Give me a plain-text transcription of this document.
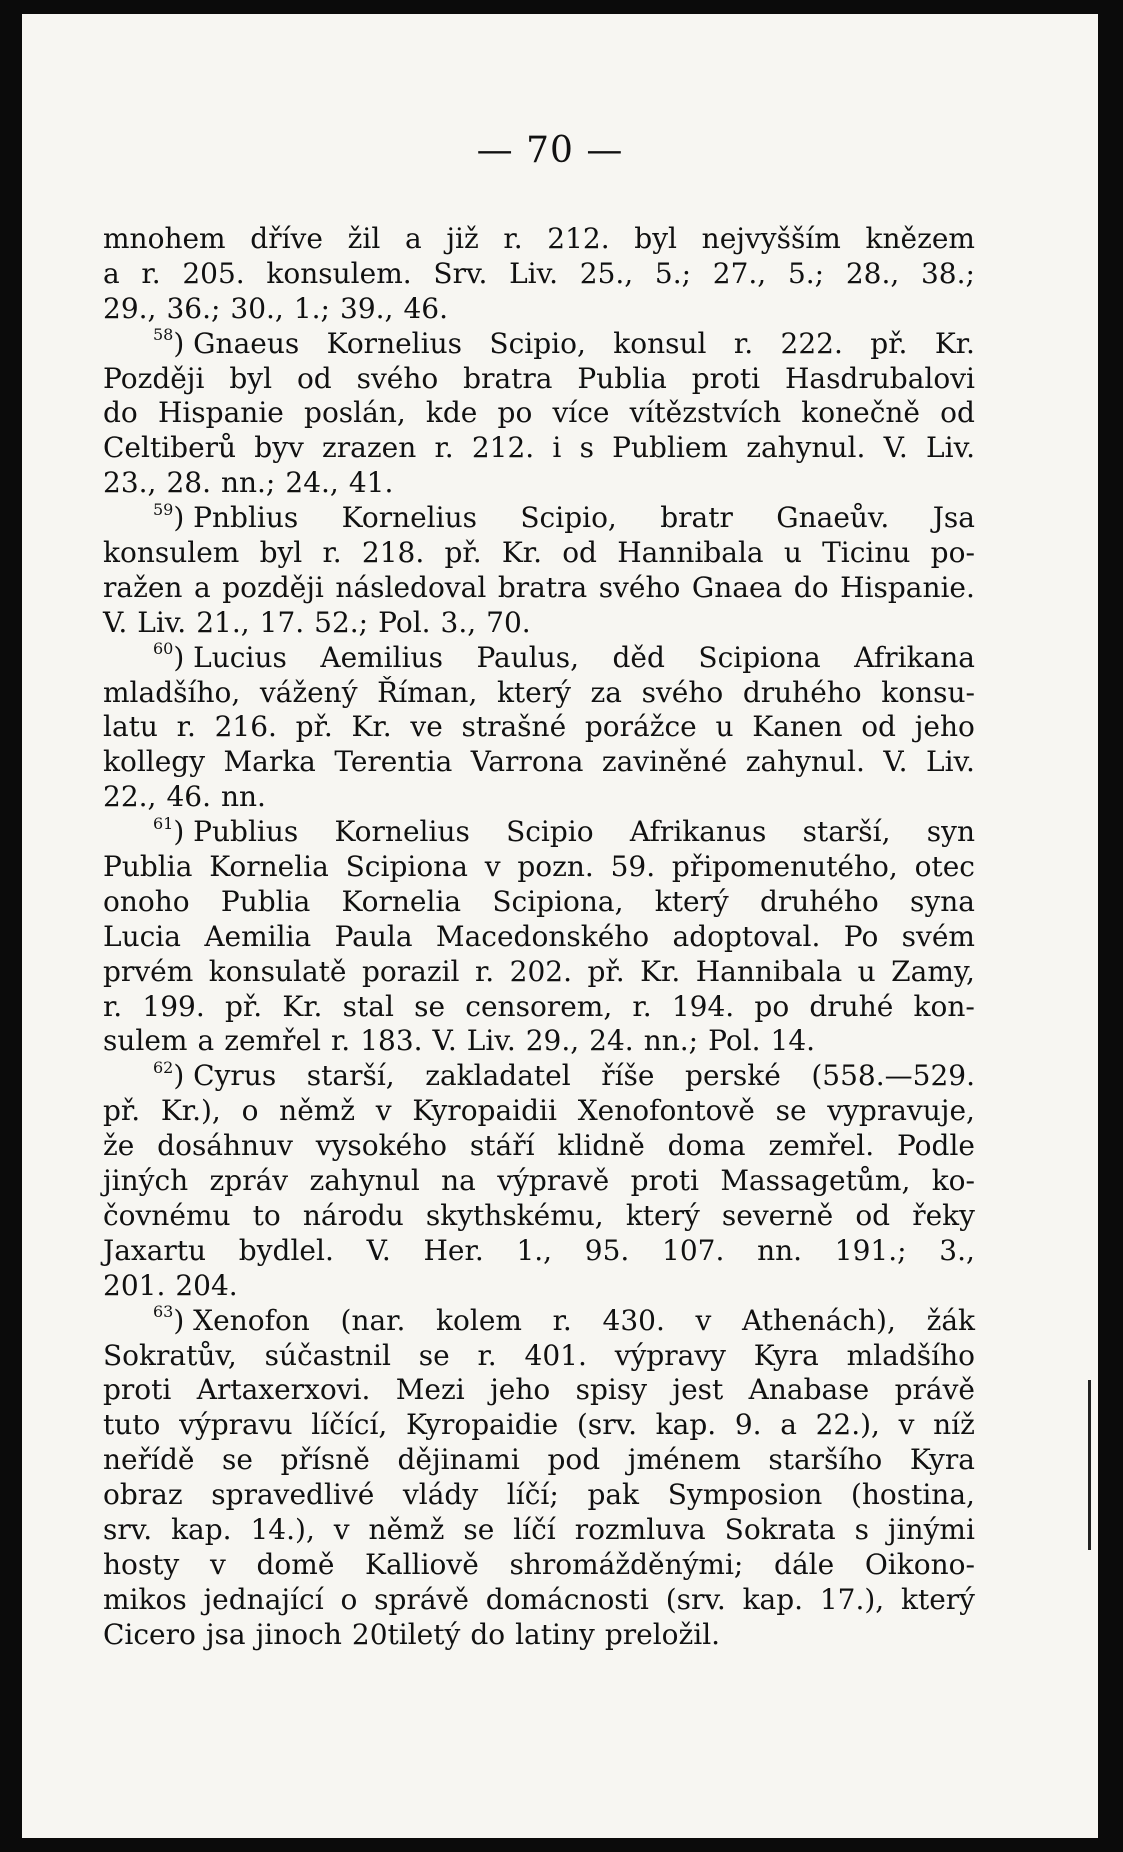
— 70 —
mnohem dříve žil a již r. 212. byl nejvyšším knězem
a r. 205. konsulem. Srv. Liv. 25., 5.; 27., 5.; 28., 38.;
29., 36.; 30., 1.; 39., 46.
$^{58}$) Gnaeus Kornelius Scipio, konsul r. 222. př. Kr.
Později byl od svého bratra Publia proti Hasdrubalovi
do Hispanie poslán, kde po více vítězstvích konečně od
Celtiberů byv zrazen r. 212. i s Publiem zahynul. V. Liv.
23., 28. nn.; 24., 41.
$^{59}$) Pnblius Kornelius Scipio, bratr Gnaeův. Jsa
konsulem byl r. 218. př. Kr. od Hannibala u Ticinu po-
ražen a později následoval bratra svého Gnaea do Hispanie.
V. Liv. 21., 17. 52.; Pol. 3., 70.
$^{60}$) Lucius Aemilius Paulus, děd Scipiona Afrikana
mladšího, vážený Říman, který za svého druhého konsu-
latu r. 216. př. Kr. ve strašné porážce u Kanen od jeho
kollegy Marka Terentia Varrona zaviněné zahynul. V. Liv.
22., 46. nn.
$^{61}$) Publius Kornelius Scipio Afrikanus starší, syn
Publia Kornelia Scipiona v pozn. 59. připomenutého, otec
onoho Publia Kornelia Scipiona, který druhého syna
Lucia Aemilia Paula Macedonského adoptoval. Po svém
prvém konsulatě porazil r. 202. př. Kr. Hannibala u Zamy,
r. 199. př. Kr. stal se censorem, r. 194. po druhé kon-
sulem a zemřel r. 183. V. Liv. 29., 24. nn.; Pol. 14.
$^{62}$) Cyrus starší, zakladatel říše perské (558.—529.
př. Kr.), o němž v Kyropaidii Xenofontově se vypravuje,
že dosáhnuv vysokého stáří klidně doma zemřel. Podle
jiných zpráv zahynul na výpravě proti Massagetům, ko-
čovnému to národu skythskému, který severně od řeky
Jaxartu bydlel. V. Her. 1., 95. 107. nn. 191.; 3.,
201. 204.
$^{63}$) Xenofon (nar. kolem r. 430. v Athenách), žák
Sokratův, súčastnil se r. 401. výpravy Kyra mladšího
proti Artaxerxovi. Mezi jeho spisy jest Anabase právě
tuto výpravu líčící, Kyropaidie (srv. kap. 9. a 22.), v níž
neřídě se přísně dějinami pod jménem staršího Kyra
obraz spravedlivé vlády líčí; pak Symposion (hostina,
srv. kap. 14.), v němž se líčí rozmluva Sokrata s jinými
hosty v domě Kalliově shromážděnými; dále Oikono-
mikos jednající o správě domácnosti (srv. kap. 17.), který
Cicero jsa jinoch 20tiletý do latiny preložil.
